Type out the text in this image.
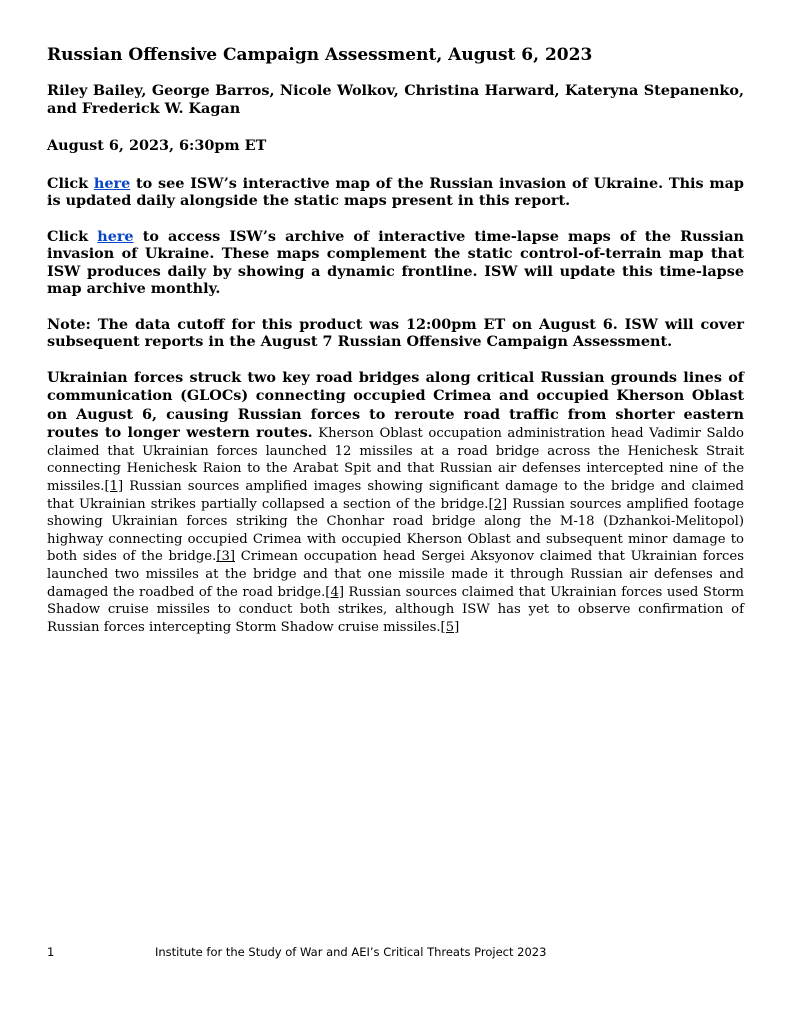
Russian Offensive Campaign Assessment, August 6, 2023

Riley Bailey, George Barros, Nicole Wolkov, Christina Harward, Kateryna Stepanenko, and Frederick W. Kagan

August 6, 2023, 6:30pm ET

Click here to see ISW’s interactive map of the Russian invasion of Ukraine. This map is updated daily alongside the static maps present in this report.

Click here to access ISW’s archive of interactive time-lapse maps of the Russian invasion of Ukraine. These maps complement the static control-of-terrain map that ISW produces daily by showing a dynamic frontline. ISW will update this time-lapse map archive monthly.

Note: The data cutoff for this product was 12:00pm ET on August 6. ISW will cover subsequent reports in the August 7 Russian Offensive Campaign Assessment.

Ukrainian forces struck two key road bridges along critical Russian grounds lines of communication (GLOCs) connecting occupied Crimea and occupied Kherson Oblast on August 6, causing Russian forces to reroute road traffic from shorter eastern routes to longer western routes. Kherson Oblast occupation administration head Vadimir Saldo claimed that Ukrainian forces launched 12 missiles at a road bridge across the Henichesk Strait connecting Henichesk Raion to the Arabat Spit and that Russian air defenses intercepted nine of the missiles.[1] Russian sources amplified images showing significant damage to the bridge and claimed that Ukrainian strikes partially collapsed a section of the bridge.[2] Russian sources amplified footage showing Ukrainian forces striking the Chonhar road bridge along the M-18 (Dzhankoi-Melitopol) highway connecting occupied Crimea with occupied Kherson Oblast and subsequent minor damage to both sides of the bridge.[3] Crimean occupation head Sergei Aksyonov claimed that Ukrainian forces launched two missiles at the bridge and that one missile made it through Russian air defenses and damaged the roadbed of the road bridge.[4] Russian sources claimed that Ukrainian forces used Storm Shadow cruise missiles to conduct both strikes, although ISW has yet to observe confirmation of Russian forces intercepting Storm Shadow cruise missiles.[5]

1	Institute for the Study of War and AEI’s Critical Threats Project 2023
